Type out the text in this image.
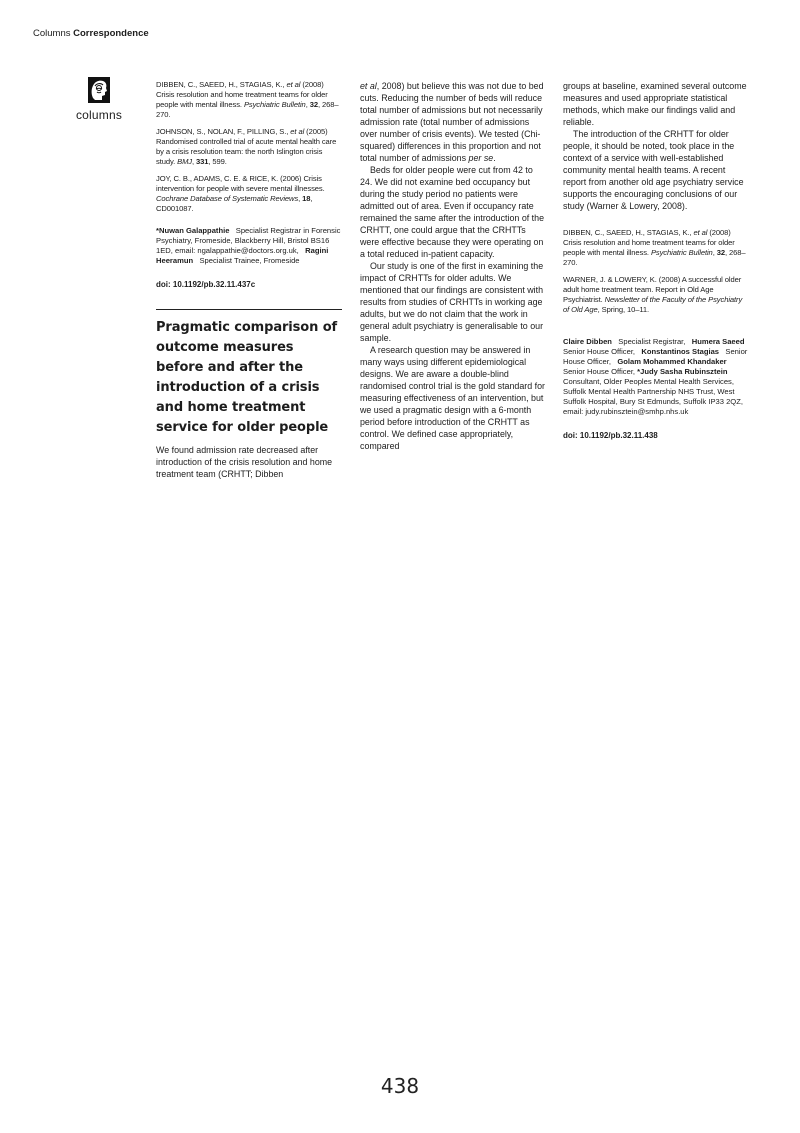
Columns Correspondence
columns

DIBBEN, C., SAEED, H., STAGIAS, K., et al (2008) Crisis resolution and home treatment teams for older people with mental illness. Psychiatric Bulletin, 32, 268–270.

JOHNSON, S., NOLAN, F., PILLING, S., et al (2005) Randomised controlled trial of acute mental health care by a crisis resolution team: the north Islington crisis study. BMJ, 331, 599.

JOY, C. B., ADAMS, C. E. & RICE, K. (2006) Crisis intervention for people with severe mental illnesses. Cochrane Database of Systematic Reviews, 18, CD001087.

*Nuwan Galappathie Specialist Registrar in Forensic Psychiatry, Fromeside, Blackberry Hill, Bristol BS16 1ED, email: ngalappathie@doctors.org.uk, Ragini Heeramun Specialist Trainee, Fromeside
doi: 10.1192/pb.32.11.437c
Pragmatic comparison of outcome measures before and after the introduction of a crisis and home treatment service for older people

We found admission rate decreased after introduction of the crisis resolution and home treatment team (CRHTT; Dibben

et al, 2008) but believe this was not due to bed cuts. Reducing the number of beds will reduce total number of admissions but not necessarily admission rate (total number of admissions over number of crisis events). We tested (Chi-squared) differences in this proportion and not total number of admissions per se.

Beds for older people were cut from 42 to 24. We did not examine bed occupancy but during the study period no patients were admitted out of area. Even if occupancy rate remained the same after the introduction of the CRHTT, one could argue that the CRHTTs were effective because they were operating on a total reduced in-patient capacity.

Our study is one of the first in examining the impact of CRHTTs for older adults. We mentioned that our findings are consistent with results from studies of CRHTTs in working age adults, but we do not claim that the work in general adult psychiatry is generalisable to our sample.

A research question may be answered in many ways using different epidemiological designs. We are aware a double-blind randomised control trial is the gold standard for measuring effectiveness of an intervention, but we used a pragmatic design with a 6-month period before introduction of the CRHTT as control. We defined case appropriately, compared

groups at baseline, examined several outcome measures and used appropriate statistical methods, which make our findings valid and reliable.

The introduction of the CRHTT for older people, it should be noted, took place in the context of a service with well-established community mental health teams. A recent report from another old age psychiatry service supports the encouraging conclusions of our study (Warner & Lowery, 2008).

DIBBEN, C., SAEED, H., STAGIAS, K., et al (2008) Crisis resolution and home treatment teams for older people with mental illness. Psychiatric Bulletin, 32, 268–270.

WARNER, J. & LOWERY, K. (2008) A successful older adult home treatment team. Report in Old Age Psychiatrist. Newsletter of the Faculty of the Psychiatry of Old Age, Spring, 10–11.

Claire Dibben Specialist Registrar, Humera Saeed   Senior House Officer, Konstantinos Stagias Senior House Officer, Golam Mohammed Khandaker   Senior House Officer, *Judy Sasha Rubinsztein   Consultant, Older Peoples Mental Health Services, Suffolk Mental Health Partnership NHS Trust, West Suffolk Hospital, Bury St Edmunds, Suffolk IP33 2QZ, email: judy.rubinsztein@smhp.nhs.uk
doi: 10.1192/pb.32.11.438
438
